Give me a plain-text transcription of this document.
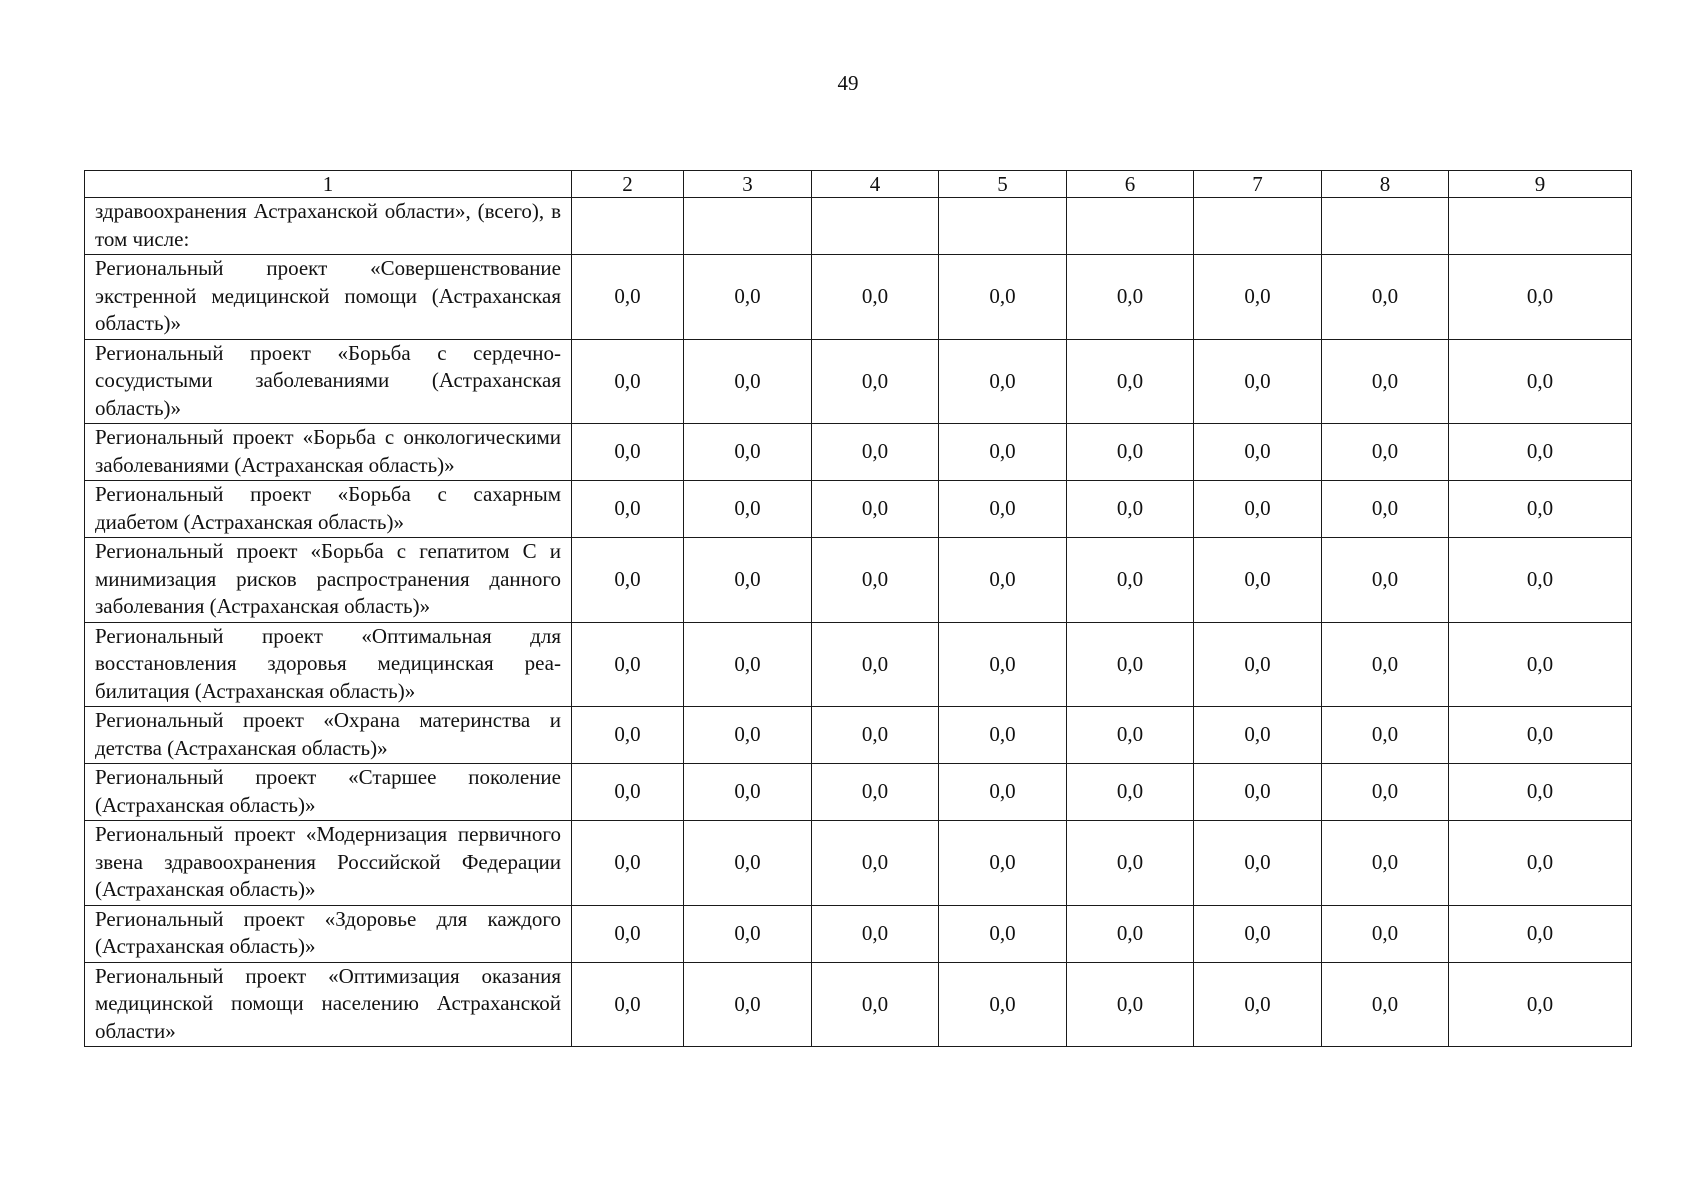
49
1	2	3	4	5	6	7	8	9
здравоохранения Астраханской области», (всего), в том числе:								
Региональный проект «Совершенствование экстренной медицинской помощи (Астраханская область)»	0,0	0,0	0,0	0,0	0,0	0,0	0,0	0,0
Региональный проект «Борьба с сердечно-сосудистыми заболеваниями (Астраханская область)»	0,0	0,0	0,0	0,0	0,0	0,0	0,0	0,0
Региональный проект «Борьба с онкологическими заболеваниями (Астраханская область)»	0,0	0,0	0,0	0,0	0,0	0,0	0,0	0,0
Региональный проект «Борьба с сахарным диабетом (Астраханская область)»	0,0	0,0	0,0	0,0	0,0	0,0	0,0	0,0
Региональный проект «Борьба с гепатитом С и минимизация рисков распространения данного заболевания (Астраханская область)»	0,0	0,0	0,0	0,0	0,0	0,0	0,0	0,0
Региональный проект «Оптимальная для восстановления здоровья медицинская реабилитация (Астраханская область)»	0,0	0,0	0,0	0,0	0,0	0,0	0,0	0,0
Региональный проект «Охрана материнства и детства (Астраханская область)»	0,0	0,0	0,0	0,0	0,0	0,0	0,0	0,0
Региональный проект «Старшее поколение (Астраханская область)»	0,0	0,0	0,0	0,0	0,0	0,0	0,0	0,0
Региональный проект «Модернизация первичного звена здравоохранения Российской Федерации (Астраханская область)»	0,0	0,0	0,0	0,0	0,0	0,0	0,0	0,0
Региональный проект «Здоровье для каждого (Астраханская область)»	0,0	0,0	0,0	0,0	0,0	0,0	0,0	0,0
Региональный проект «Оптимизация оказания медицинской помощи населению Астраханской области»	0,0	0,0	0,0	0,0	0,0	0,0	0,0	0,0
